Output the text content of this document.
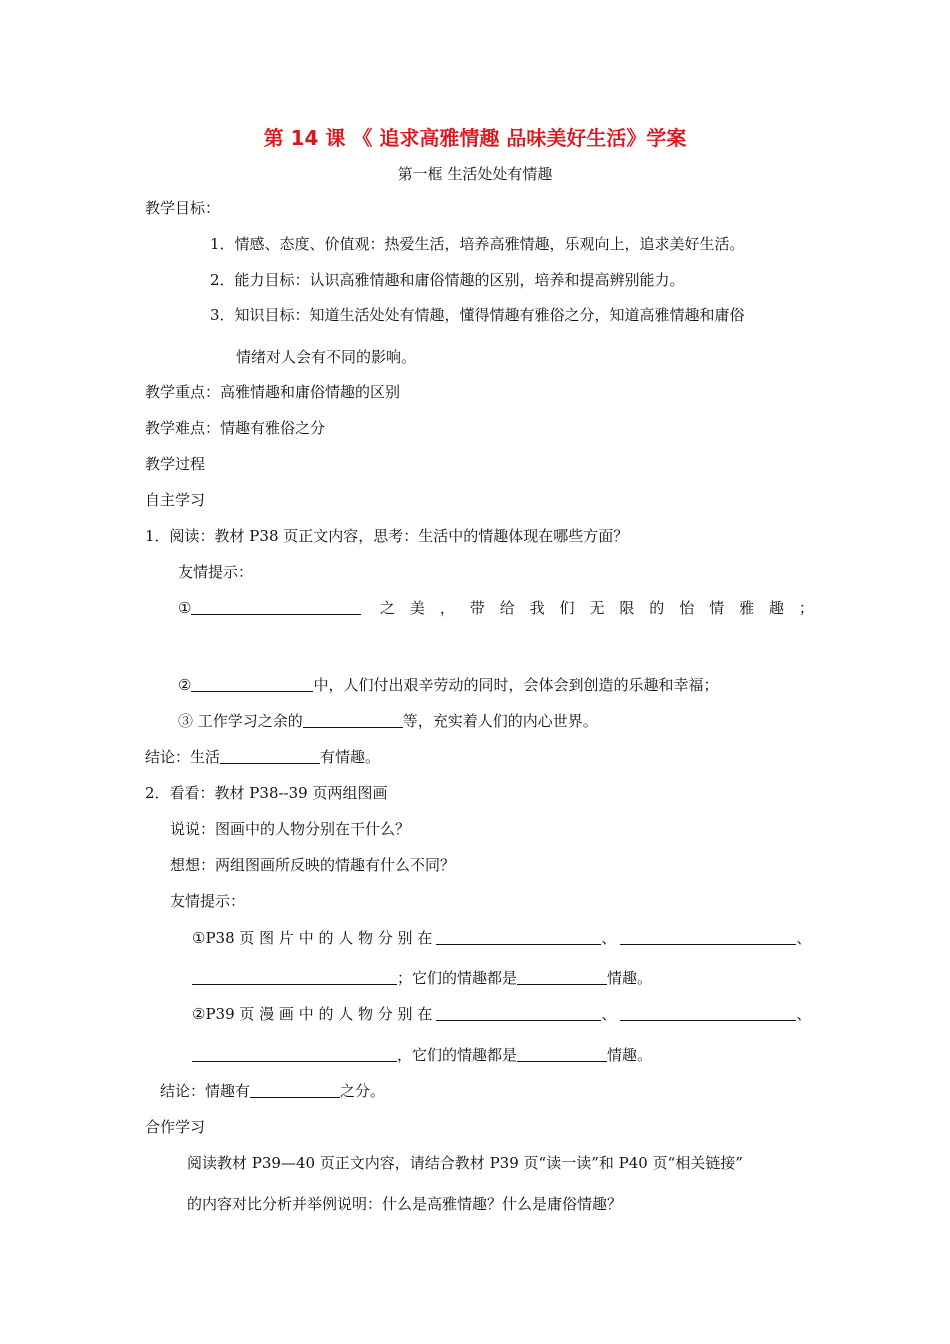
第 14 课 《 追求高雅情趣 品味美好生活》学案
第一框 生活处处有情趣
教学目标：
1．情感、态度、价值观：热爱生活，培养高雅情趣，乐观向上，追求美好生活。
2．能力目标：认识高雅情趣和庸俗情趣的区别，培养和提高辨别能力。
3．知识目标：知道生活处处有情趣，懂得情趣有雅俗之分，知道高雅情趣和庸俗
情绪对人会有不同的影响。
教学重点：高雅情趣和庸俗情趣的区别
教学难点：情趣有雅俗之分
教学过程
自主学习
1．阅读：教材 P38 页正文内容，思考：生活中的情趣体现在哪些方面？
友情提示：
①	之 美 ， 带 给 我 们 无 限 的 怡 情 雅 趣 ；
②	中，人们付出艰辛劳动的同时，会体会到创造的乐趣和幸福；
③ 工作学习之余的	等，充实着人们的内心世界。
结论：生活	有情趣。
2．看看：教材 P38--39 页两组图画
说说：图画中的人物分别在干什么？
想想：两组图画所反映的情趣有什么不同？
友情提示：
①P38 页 图 片 中 的 人 物 分 别 在	、	、
；它们的情趣都是	情趣。
②P39 页 漫 画 中 的 人 物 分 别 在	、	、
，它们的情趣都是	情趣。
结论：情趣有	之分。
合作学习
阅读教材 P39—40 页正文内容，请结合教材 P39 页“读一读”和 P40 页“相关链接”
的内容对比分析并举例说明：什么是高雅情趣？什么是庸俗情趣？
